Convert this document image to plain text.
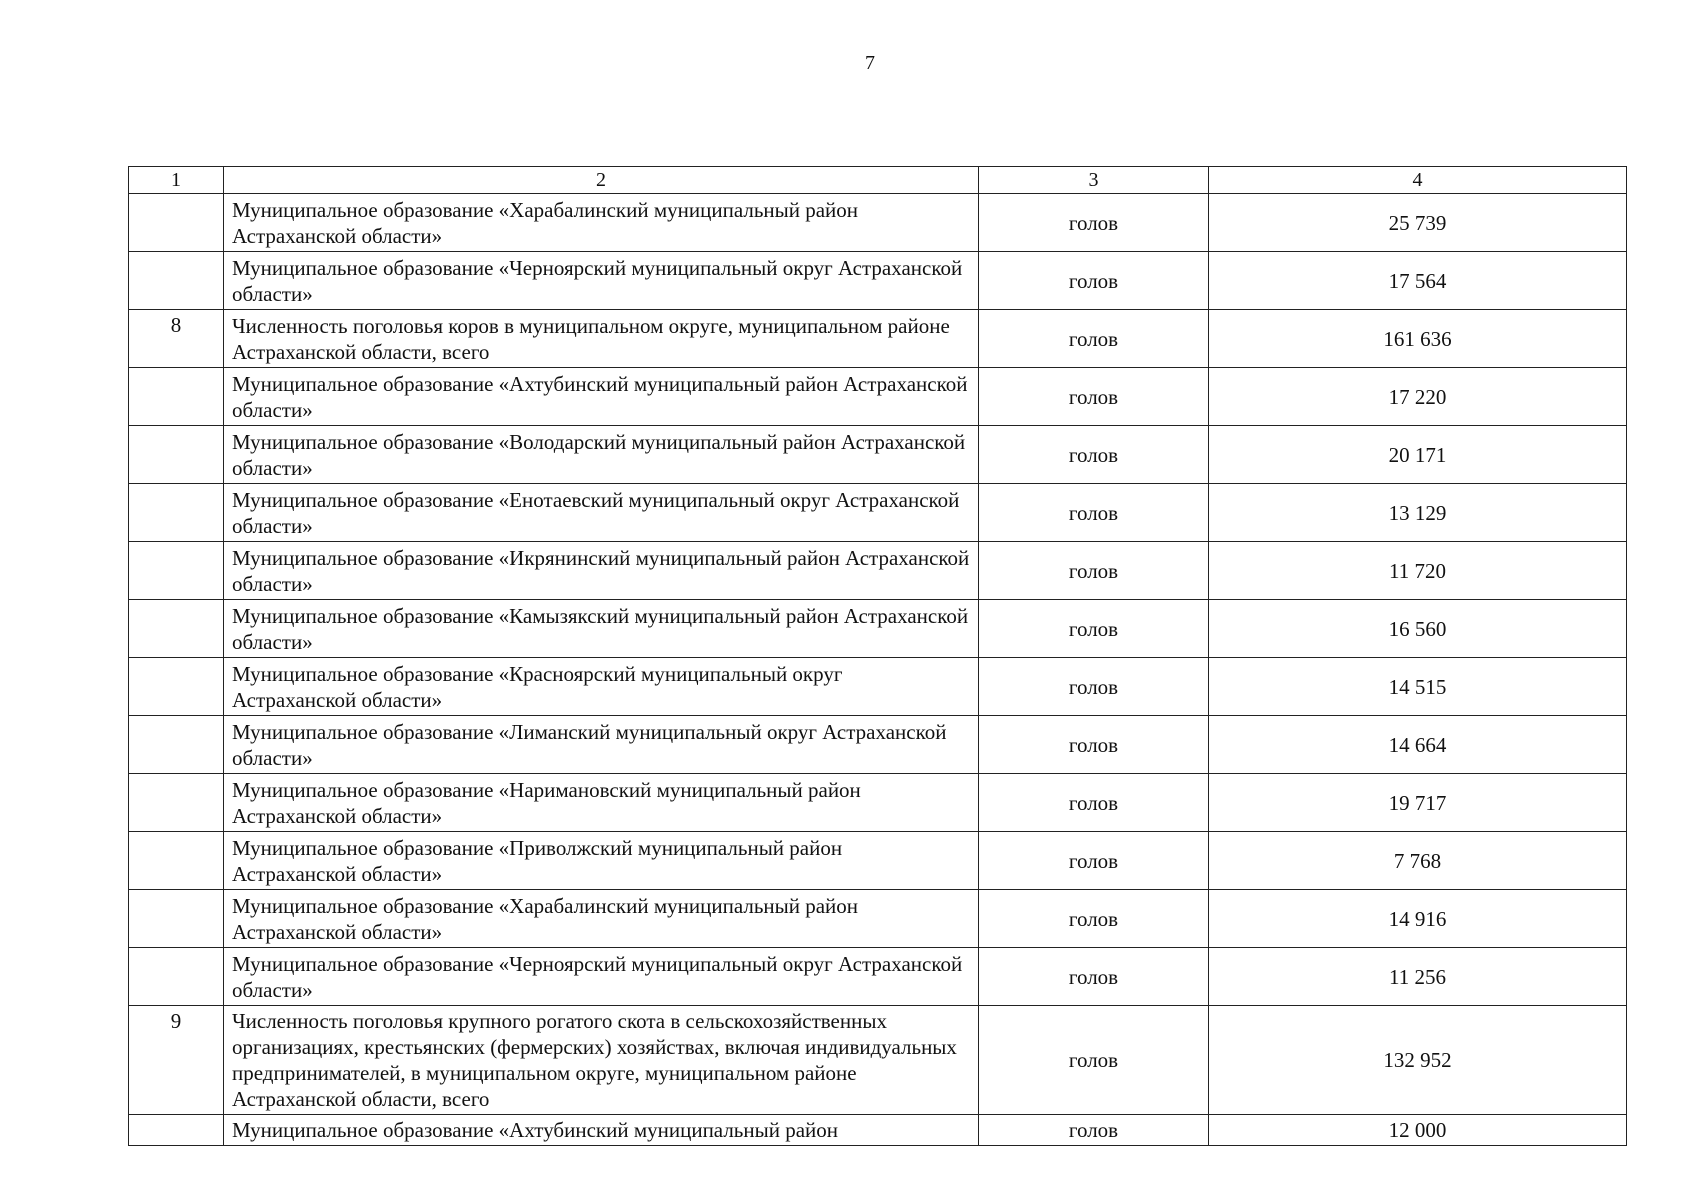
7
1	2	3	4
	Муниципальное образование «Харабалинский муниципальный район Астраханской области»	голов	25 739
	Муниципальное образование «Черноярский муниципальный округ Астраханской области»	голов	17 564
8	Численность поголовья коров в муниципальном округе, муниципальном районе Астраханской области, всего	голов	161 636
	Муниципальное образование «Ахтубинский муниципальный район Астраханской области»	голов	17 220
	Муниципальное образование «Володарский муниципальный район Астраханской области»	голов	20 171
	Муниципальное образование «Енотаевский муниципальный округ Астраханской области»	голов	13 129
	Муниципальное образование «Икрянинский муниципальный район Астраханской области»	голов	11 720
	Муниципальное образование «Камызякский муниципальный район Астраханской области»	голов	16 560
	Муниципальное образование «Красноярский муниципальный округ Астраханской области»	голов	14 515
	Муниципальное образование «Лиманский муниципальный округ Астраханской области»	голов	14 664
	Муниципальное образование «Наримановский муниципальный район Астраханской области»	голов	19 717
	Муниципальное образование «Приволжский муниципальный район Астраханской области»	голов	7 768
	Муниципальное образование «Харабалинский муниципальный район Астраханской области»	голов	14 916
	Муниципальное образование «Черноярский муниципальный округ Астраханской области»	голов	11 256
9	Численность поголовья крупного рогатого скота в сельскохозяйственных организациях, крестьянских (фермерских) хозяйствах, включая индивидуальных предпринимателей, в муниципальном округе, муниципальном районе Астраханской области, всего	голов	132 952
	Муниципальное образование «Ахтубинский муниципальный район	голов	12 000
